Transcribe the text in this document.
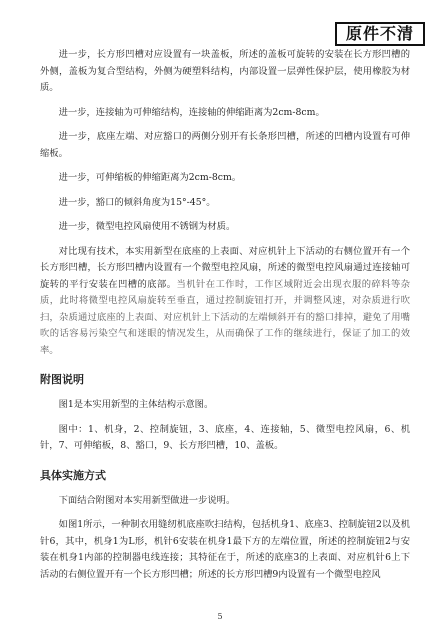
原件不清

进一步，长方形凹槽对应设置有一块盖板，所述的盖板可旋转的安装在长方形凹槽的外侧，盖板为复合型结构，外侧为硬塑料结构，内部设置一层弹性保护层，使用橡胶为材质。

进一步，连接轴为可伸缩结构，连接轴的伸缩距离为2cm-8cm。

进一步，底座左端、对应豁口的两侧分别开有长条形凹槽，所述的凹槽内设置有可伸缩板。

进一步，可伸缩板的伸缩距离为2cm-8cm。

进一步，豁口的倾斜角度为15°-45°。

进一步，微型电控风扇使用不锈钢为材质。

对比现有技术，本实用新型在底座的上表面、对应机针上下活动的右侧位置开有一个长方形凹槽，长方形凹槽内设置有一个微型电控风扇，所述的微型电控风扇通过连接轴可旋转的平行安装在凹槽的底部。当机针在工作时，工作区域附近会出现衣服的碎料等杂质，此时将微型电控风扇旋转至垂直，通过控制旋钮打开，并调整风速，对杂质进行吹扫，杂质通过底座的上表面、对应机针上下活动的左端倾斜开有的豁口排掉，避免了用嘴吹的话容易污染空气和迷眼的情况发生，从而确保了工作的继续进行，保证了加工的效率。

附图说明

图1是本实用新型的主体结构示意图。

图中：1、机身，2、控制旋钮，3、底座，4、连接轴，5、微型电控风扇，6、机针，7、可伸缩板，8、豁口，9、长方形凹槽，10、盖板。

具体实施方式

下面结合附图对本实用新型做进一步说明。

如图1所示，一种制衣用缝纫机底座吹扫结构，包括机身1、底座3、控制旋钮2以及机针6，其中，机身1为L形，机针6安装在机身1最下方的左端位置，所述的控制旋钮2与安装在机身1内部的控制器电线连接；其特征在于，所述的底座3的上表面、对应机针6上下活动的右侧位置开有一个长方形凹槽；所述的长方形凹槽9内设置有一个微型电控风

5
